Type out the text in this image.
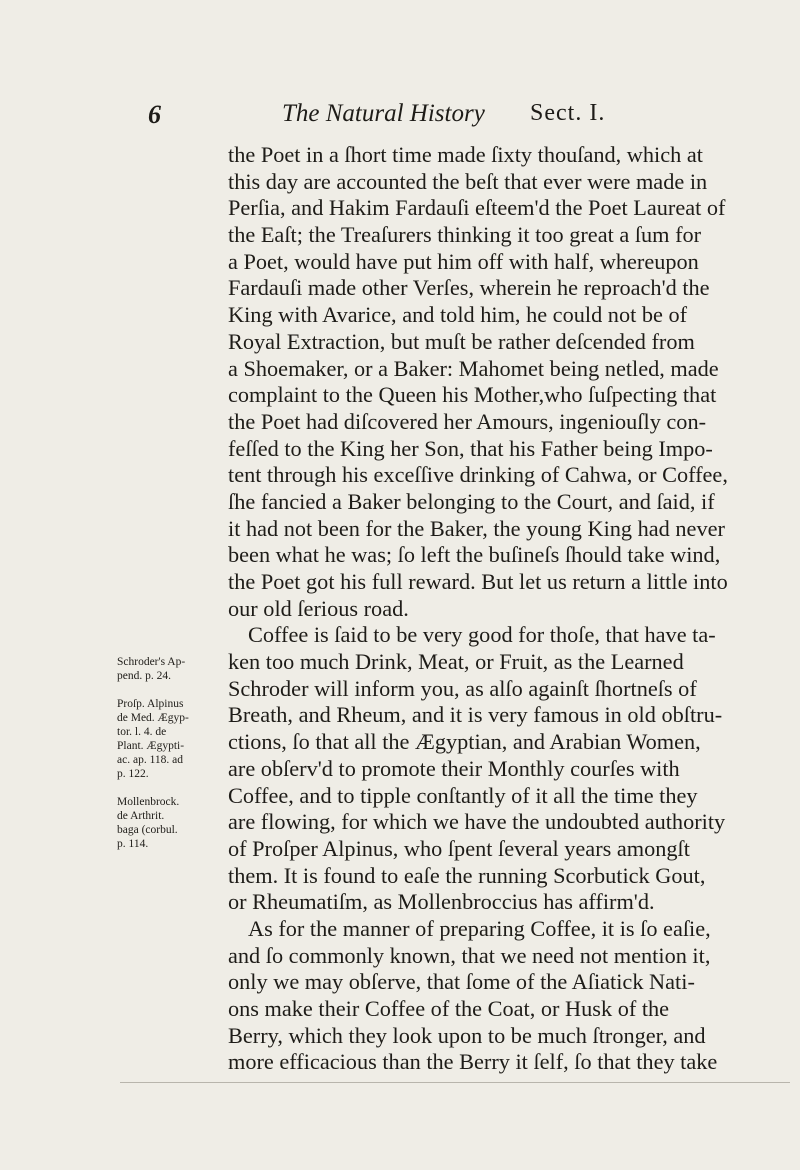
6	The Natural History Sect. I.
the Poet in a ſhort time made ſixty thouſand, which at
this day are accounted the beſt that ever were made in
Perſia, and Hakim Fardauſi eſteem'd the Poet Laureat of
the Eaſt; the Treaſurers thinking it too great a ſum for
a Poet, would have put him off with half, whereupon
Fardauſi made other Verſes, wherein he reproach'd the
King with Avarice, and told him, he could not be of
Royal Extraction, but muſt be rather deſcended from
a Shoemaker, or a Baker: Mahomet being netled, made
complaint to the Queen his Mother,who ſuſpecting that
the Poet had diſcovered her Amours, ingeniouſly con-
feſſed to the King her Son, that his Father being Impo-
tent through his exceſſive drinking of Cahwa, or Coffee,
ſhe fancied a Baker belonging to the Court, and ſaid, if
it had not been for the Baker, the young King had never
been what he was; ſo left the buſineſs ſhould take wind,
the Poet got his full reward. But let us return a little into
our old ſerious road.
Coffee is ſaid to be very good for thoſe, that have ta-
ken too much Drink, Meat, or Fruit, as the Learned
Schroder will inform you, as alſo againſt ſhortneſs of
Breath, and Rheum, and it is very famous in old obſtru-
ctions, ſo that all the Ægyptian, and Arabian Women,
are obſerv'd to promote their Monthly courſes with
Coffee, and to tipple conſtantly of it all the time they
are flowing, for which we have the undoubted authority
of Proſper Alpinus, who ſpent ſeveral years amongſt
them. It is found to eaſe the running Scorbutick Gout,
or Rheumatiſm, as Mollenbroccius has affirm'd.
As for the manner of preparing Coffee, it is ſo eaſie,
and ſo commonly known, that we need not mention it,
only we may obſerve, that ſome of the Aſiatick Nati-
ons make their Coffee of the Coat, or Husk of the
Berry, which they look upon to be much ſtronger, and
more efficacious than the Berry it ſelf, ſo that they take
Schroder's Ap-
pend. p. 24.
Proſp. Alpinus
de Med. Ægyp-
tor. l. 4. de
Plant. Ægypti-
ac. ap. 118. ad
p. 122.
Mollenbrock.
de Arthrit.
baga (corbul.
p. 114.
